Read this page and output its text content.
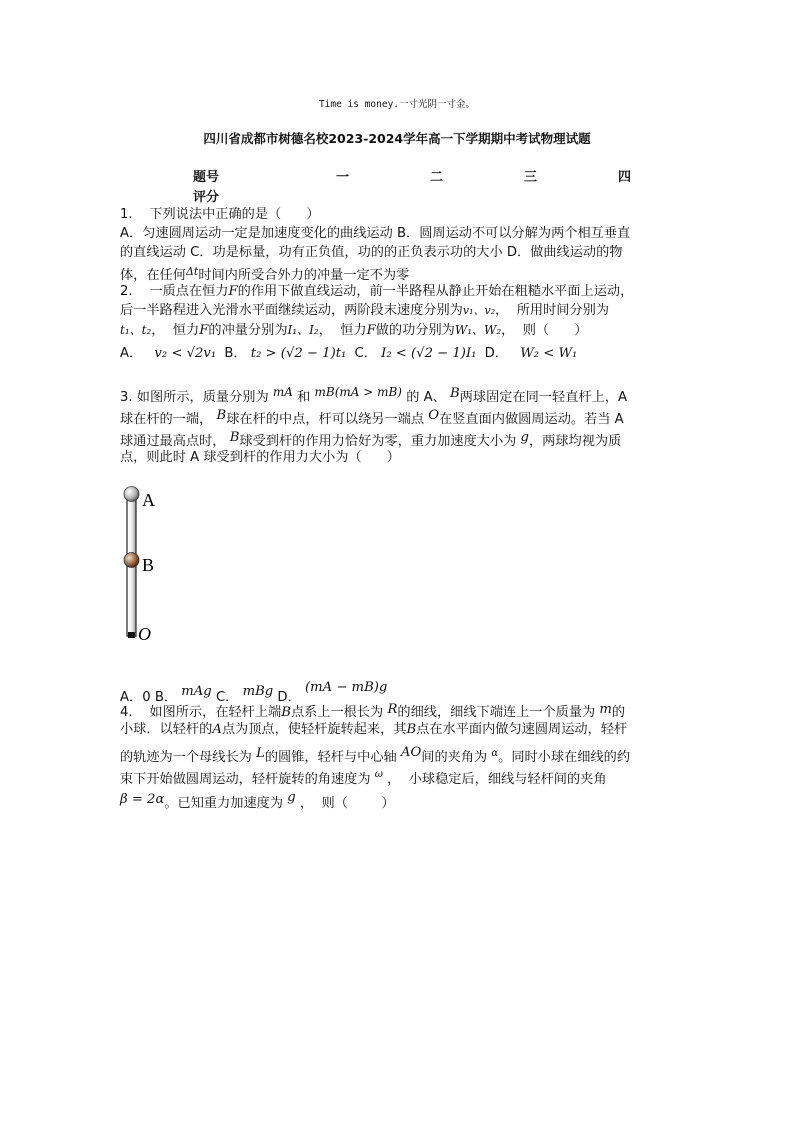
Time is money.一寸光阴一寸金。
四川省成都市树德名校2023-2024学年高一下学期期中考试物理试题
题号	一	二	三	四
评分
1.    下列说法中正确的是（      ）
A．匀速圆周运动一定是加速度变化的曲线运动 B．圆周运动不可以分解为两个相互垂直
的直线运动 C．功是标量，功有正负值，功的的正负表示功的大小 D．做曲线运动的物
体，在任何$^{\Delta t}$时间内所受合外力的冲量一定不为零
2.    一质点在恒力F的作用下做直线运动，前一半路程从静止开始在粗糙水平面上运动，
后一半路程进入光滑水平面继续运动，两阶段末速度分别为v₁、v₂，  所用时间分别为
t₁、t₂，  恒力F的冲量分别为I₁、I₂，  恒力F做的功分别为W₁、W₂，  则（      ）
A． v₂ < √2v₁ B． t₂ > (√2 − 1)t₁ C． I₂ < (√2 − 1)I₁ D． W₂ < W₁
3. 如图所示，质量分别为 mA 和 mB(mA > mB) 的 A、 B两球固定在同一轻直杆上，A
球在杆的一端， B球在杆的中点，杆可以绕另一端点 O在竖直面内做圆周运动。若当 A
球通过最高点时， B球受到杆的作用力恰好为零，重力加速度大小为 g，两球均视为质
点，则此时 A 球受到杆的作用力大小为（      ）
A
B
O
A．0 B． mAg C． mBg D． (mA − mB)g
4.    如图所示，在轻杆上端B点系上一根长为 R的细线，细线下端连上一个质量为 m的
小球．以轻杆的A点为顶点，使轻杆旋转起来，其B点在水平面内做匀速圆周运动，轻杆
的轨迹为一个母线长为 L的圆锥，轻杆与中心轴 AO间的夹角为 $^\alpha$。同时小球在细线的约
束下开始做圆周运动，轻杆旋转的角速度为 $^\omega$ ，  小球稳定后，细线与轻杆间的夹角
β = 2α。已知重力加速度为 g ，  则（        ）
